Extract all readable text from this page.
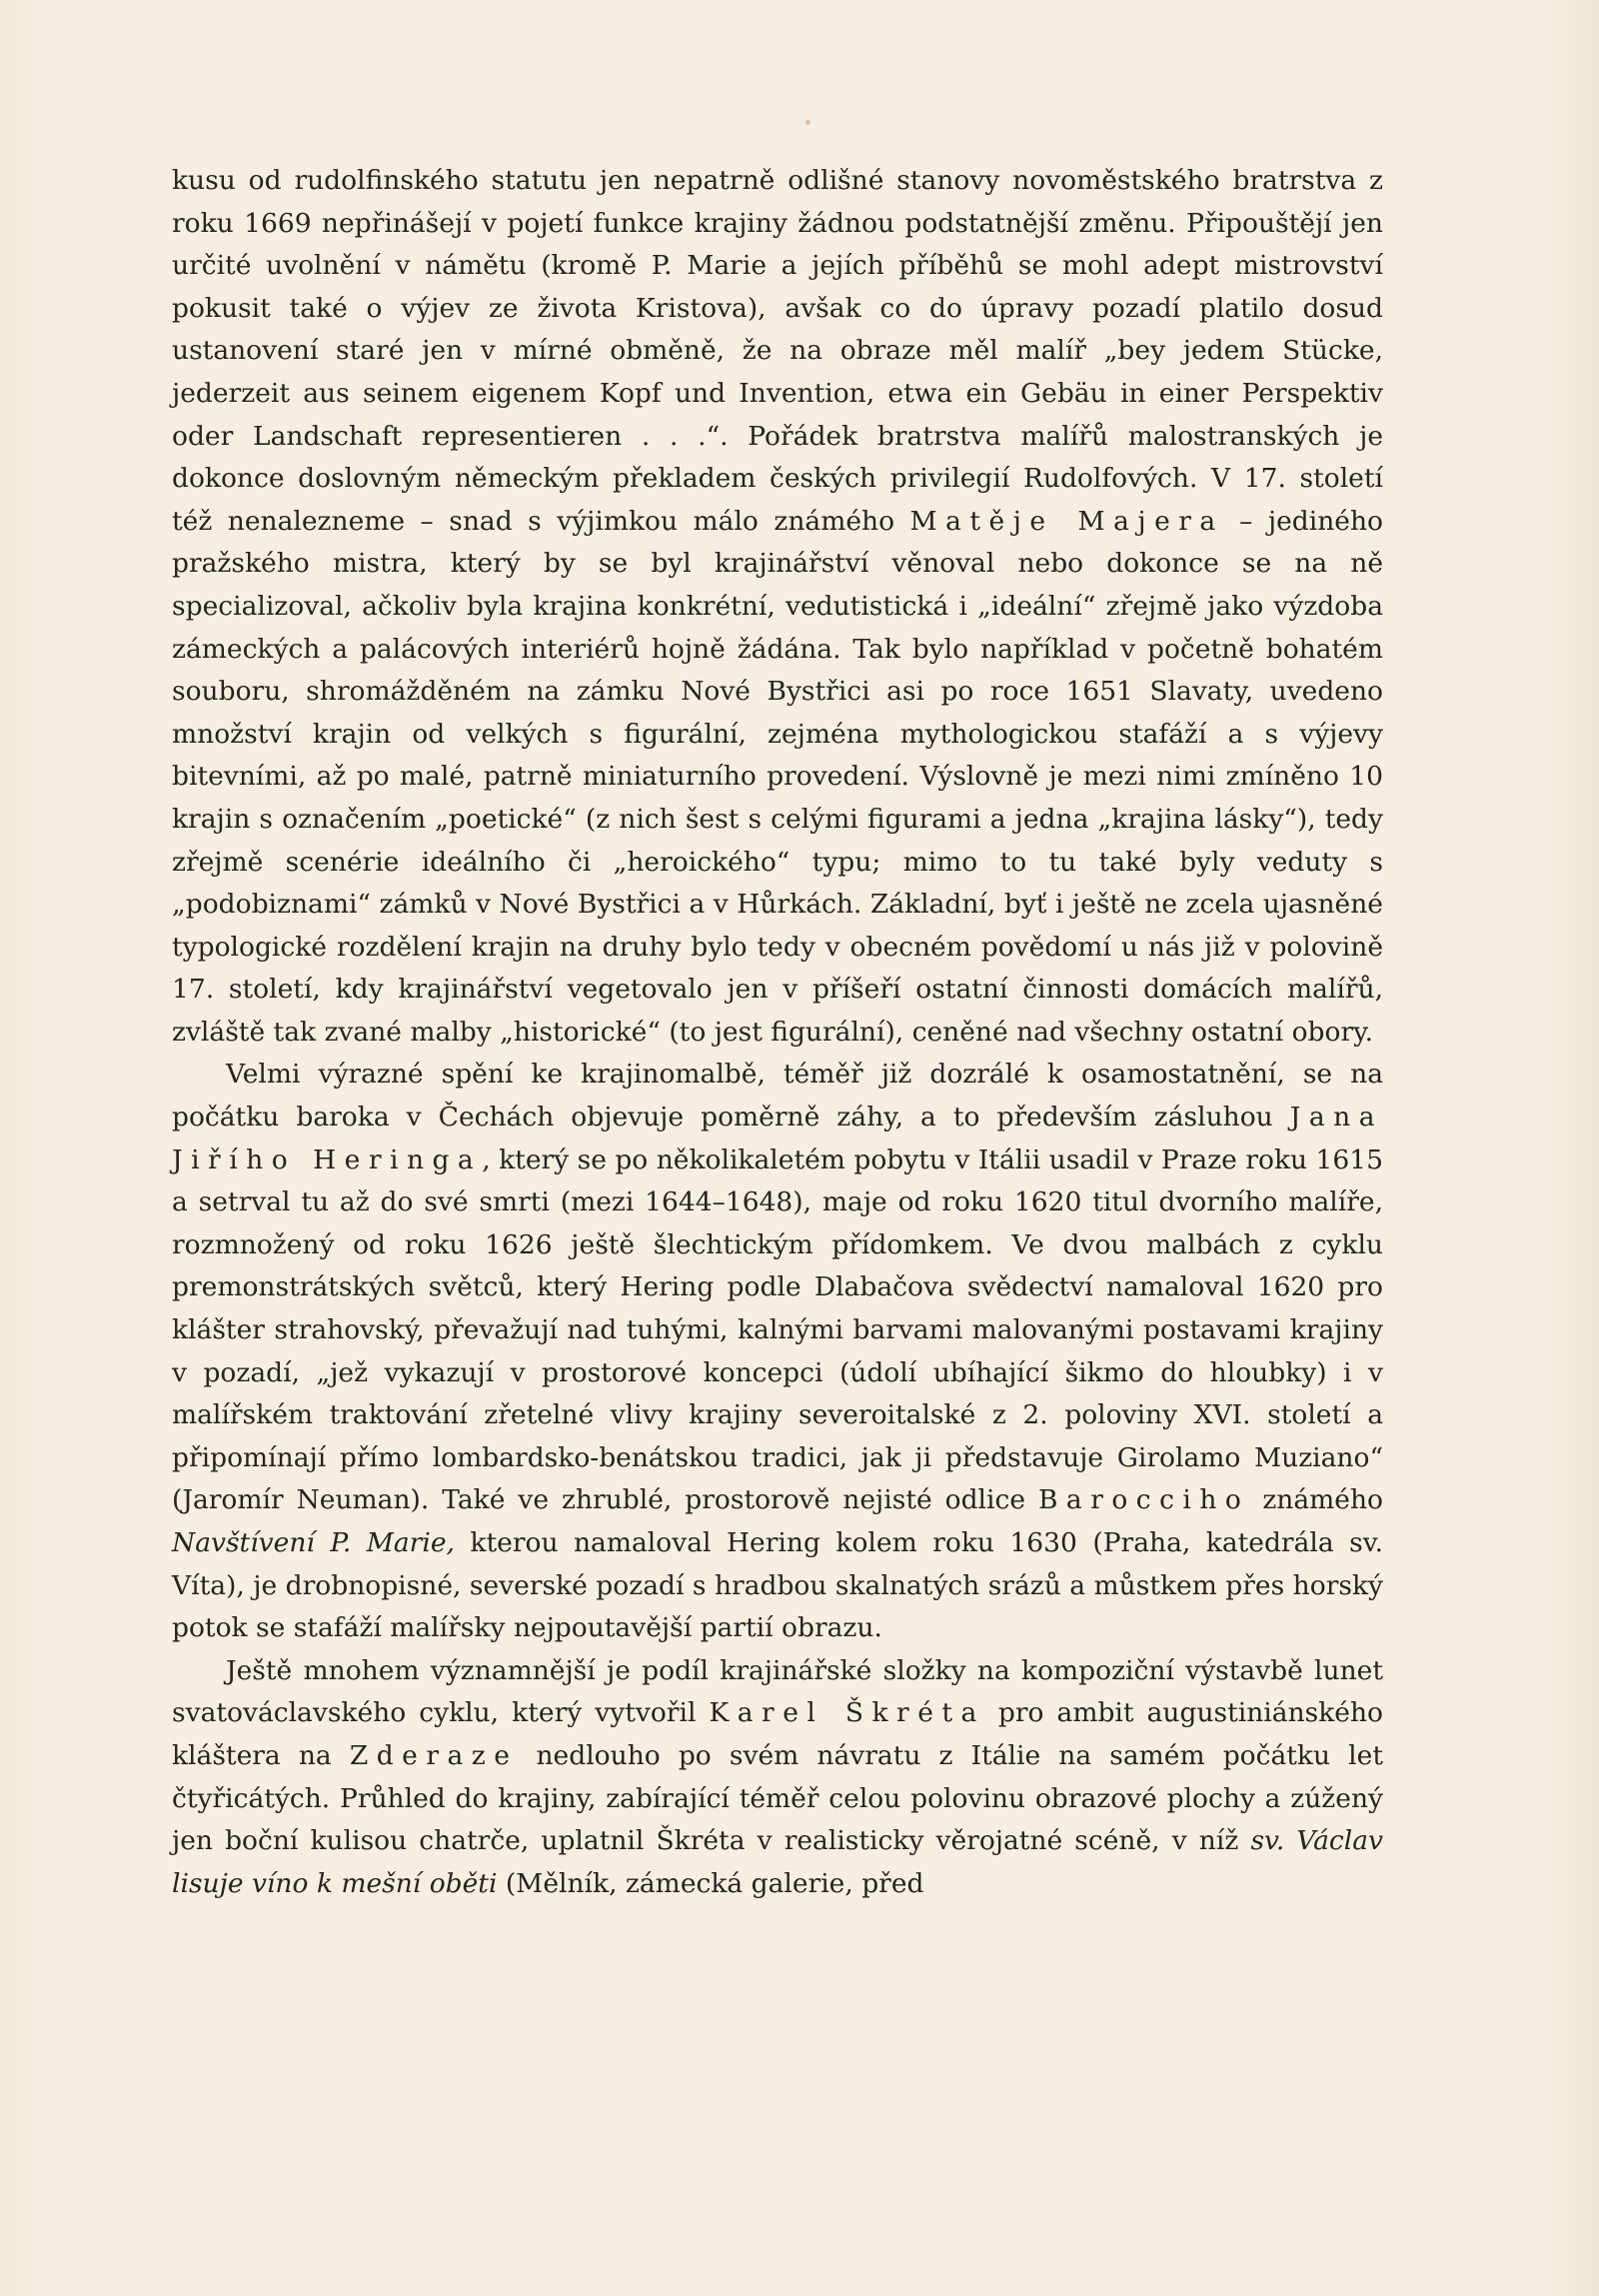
kusu od rudolfinského statutu jen nepatrně odlišné stanovy novoměstského bratrstva z roku 1669 nepřinášejí v pojetí funkce krajiny žádnou podstatnější změnu. Připouštějí jen určité uvolnění v námětu (kromě P. Marie a jejích příběhů se mohl adept mistrovství pokusit také o výjev ze života Kristova), avšak co do úpravy pozadí platilo dosud ustanovení staré jen v mírné obměně, že na obraze měl malíř „bey jedem Stücke, jederzeit aus seinem eigenem Kopf und Invention, etwa ein Gebäu in einer Perspektiv oder Landschaft representieren . . .“. Pořádek bratrstva malířů malostranských je dokonce doslovným německým překladem českých privilegií Rudolfových. V 17. století též nenalezneme – snad s výjimkou málo známého Matěje Majera – jediného pražského mistra, který by se byl krajinářství věnoval nebo dokonce se na ně specializoval, ačkoliv byla krajina konkrétní, vedutistická i „ideální“ zřejmě jako výzdoba zámeckých a palácových interiérů hojně žádána. Tak bylo například v početně bohatém souboru, shromážděném na zámku Nové Bystřici asi po roce 1651 Slavaty, uvedeno množství krajin od velkých s figurální, zejména mythologickou stafáží a s výjevy bitevními, až po malé, patrně miniaturního provedení. Výslovně je mezi nimi zmíněno 10 krajin s označením „poetické“ (z nich šest s celými figurami a jedna „krajina lásky“), tedy zřejmě scenérie ideálního či „heroického“ typu; mimo to tu také byly veduty s „podobiznami“ zámků v Nové Bystřici a v Hůrkách. Základní, byť i ještě ne zcela ujasněné typologické rozdělení krajin na druhy bylo tedy v obecném povědomí u nás již v polovině 17. století, kdy krajinářství vegetovalo jen v příšeří ostatní činnosti domácích malířů, zvláště tak zvané malby „historické“ (to jest figurální), ceněné nad všechny ostatní obory.

Velmi výrazné spění ke krajinomalbě, téměř již dozrálé k osamostatnění, se na počátku baroka v Čechách objevuje poměrně záhy, a to především zásluhou Jana Jiřího Heringa, který se po několikaletém pobytu v Itálii usadil v Praze roku 1615 a setrval tu až do své smrti (mezi 1644–1648), maje od roku 1620 titul dvorního malíře, rozmnožený od roku 1626 ještě šlechtickým přídomkem. Ve dvou malbách z cyklu premonstrátských světců, který Hering podle Dlabačova svědectví namaloval 1620 pro klášter strahovský, převažují nad tuhými, kalnými barvami malovanými postavami krajiny v pozadí, „jež vykazují v prostorové koncepci (údolí ubíhající šikmo do hloubky) i v malířském traktování zřetelné vlivy krajiny severoitalské z 2. poloviny XVI. století a připomínají přímo lombardsko-benátskou tradici, jak ji představuje Girolamo Muziano“ (Jaromír Neuman). Také ve zhrublé, prostorově nejisté odlice Baroccihо známého Navštívení P. Marie, kterou namaloval Hering kolem roku 1630 (Praha, katedrála sv. Víta), je drobnopisné, severské pozadí s hradbou skalnatých srázů a můstkem přes horský potok se stafáží malířsky nejpoutavější partií obrazu.

Ještě mnohem významnější je podíl krajinářské složky na kompoziční výstavbě lunet svatováclavského cyklu, který vytvořil Karel Škréta pro ambit augustiniánského kláštera na Zderaze nedlouho po svém návratu z Itálie na samém počátku let čtyřicátých. Průhled do krajiny, zabírající téměř celou polovinu obrazové plochy a zúžený jen boční kulisou chatrče, uplatnil Škréta v realisticky věrojatné scéně, v níž sv. Václav lisuje víno k mešní oběti (Mělník, zámecká galerie, před
